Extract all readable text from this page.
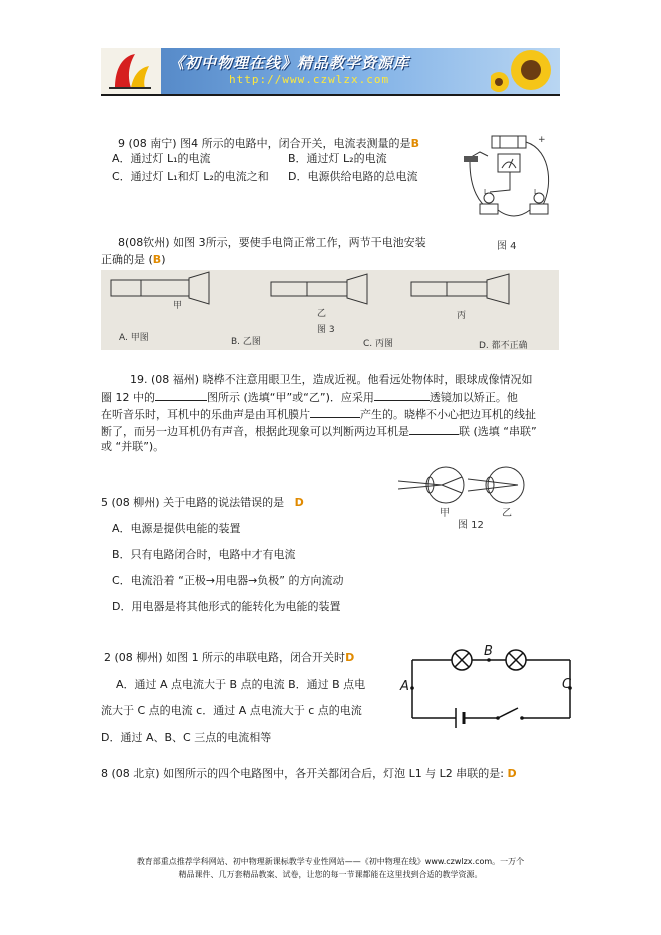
《初中物理在线》精品教学资源库
http://www.czwlzx.com
9 (08 南宁) 图4 所示的电路中，闭合开关，电流表测量的是B
A．通过灯 L₁的电流	B．通过灯 L₂的电流
C．通过灯 L₁和灯 L₂的电流之和 D．电源供给电路的总电流
+
L	L
图 4
8(08钦州) 如图 3所示，要使手电筒正常工作，两节干电池安装
正确的是 (B)
甲
乙	丙
图 3
A. 甲图	B. 乙图	C. 丙图	D. 都不正确
19. (08 福州) 晓桦不注意用眼卫生，造成近视。他看远处物体时，眼球成像情况如
圈 12 中的	图所示 (选填“甲”或“乙”)．应采用	透镜加以矫正。他
在听音乐时，耳机中的乐曲声是由耳机膜片	产生的。晓桦不小心把边耳机的线扯
断了，而另一边耳机仍有声音，根据此现象可以判断两边耳机是	联 (选填 “串联”
或 “并联”)。
甲	乙
图 12
5 (08 柳州) 关于电路的说法错误的是 D
A．电源是提供电能的装置
B．只有电路闭合时，电路中才有电流
C．电流沿着 “正极→用电器→负极” 的方向流动
D．用电器是将其他形式的能转化为电能的装置
2 (08 柳州) 如图 1 所示的串联电路，闭合开关时D
A．通过 A 点电流大于 B 点的电流 B．通过 B 点电
流大于 C 点的电流 c．通过 A 点电流大于 c 点的电流
D．通过 A、B、C 三点的电流相等
A
B
C
8 (08 北京) 如图所示的四个电路图中，各开关都闭合后，灯泡 L1 与 L2 串联的是: D
教育部重点推荐学科网站、初中物理新课标教学专业性网站——《初中物理在线》www.czwlzx.com。一万个
精品课件、几万套精品教案、试卷，让您的每一节课都能在这里找到合适的教学资源。
